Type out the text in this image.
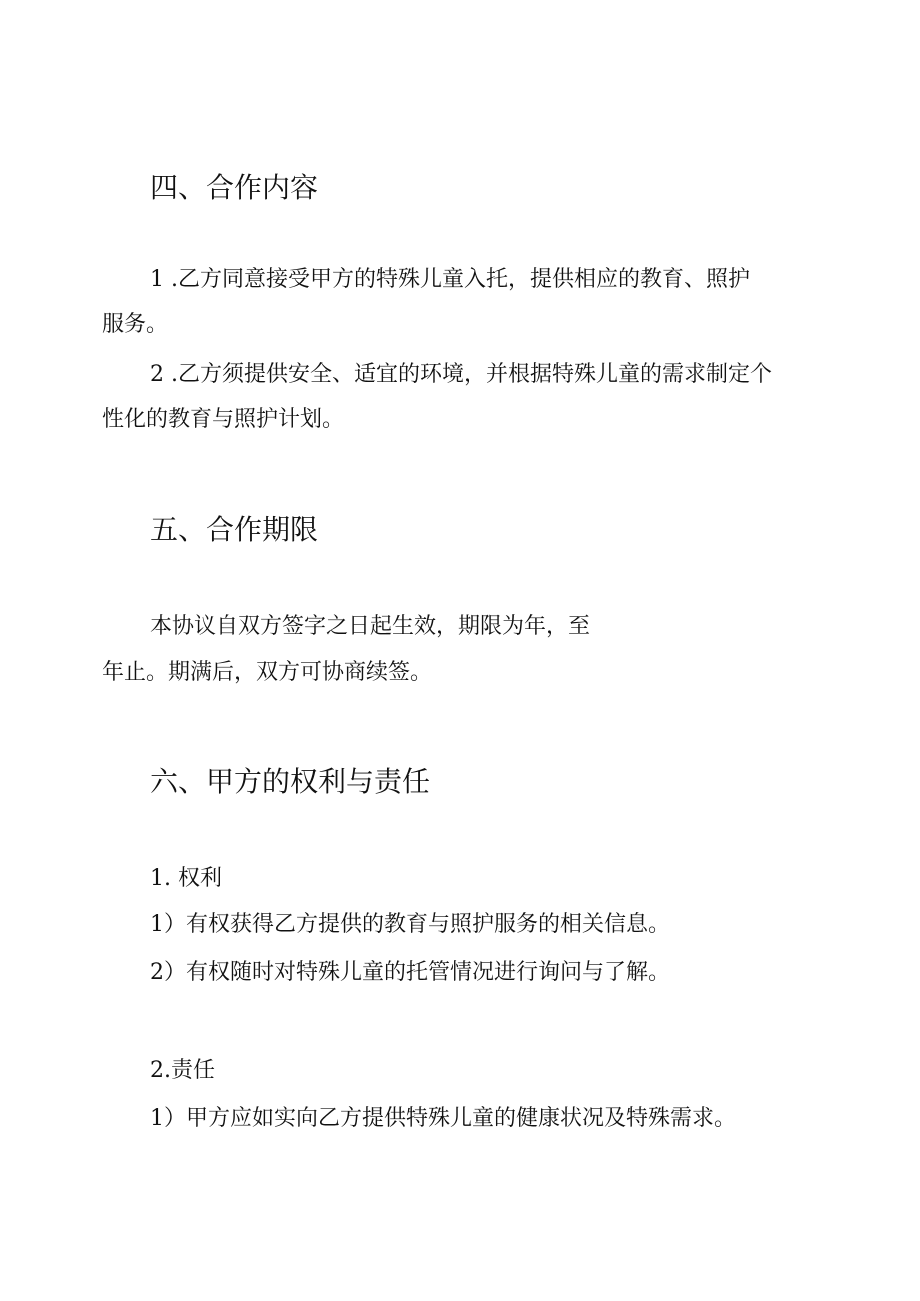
四、合作内容

1 .乙方同意接受甲方的特殊儿童入托，提供相应的教育、照护

服务。

2 .乙方须提供安全、适宜的环境，并根据特殊儿童的需求制定个

性化的教育与照护计划。

五、合作期限

本协议自双方签字之日起生效，期限为年，至

年止。期满后，双方可协商续签。

六、甲方的权利与责任

1. 权利

1）有权获得乙方提供的教育与照护服务的相关信息。

2）有权随时对特殊儿童的托管情况进行询问与了解。

2.责任

1）甲方应如实向乙方提供特殊儿童的健康状况及特殊需求。
